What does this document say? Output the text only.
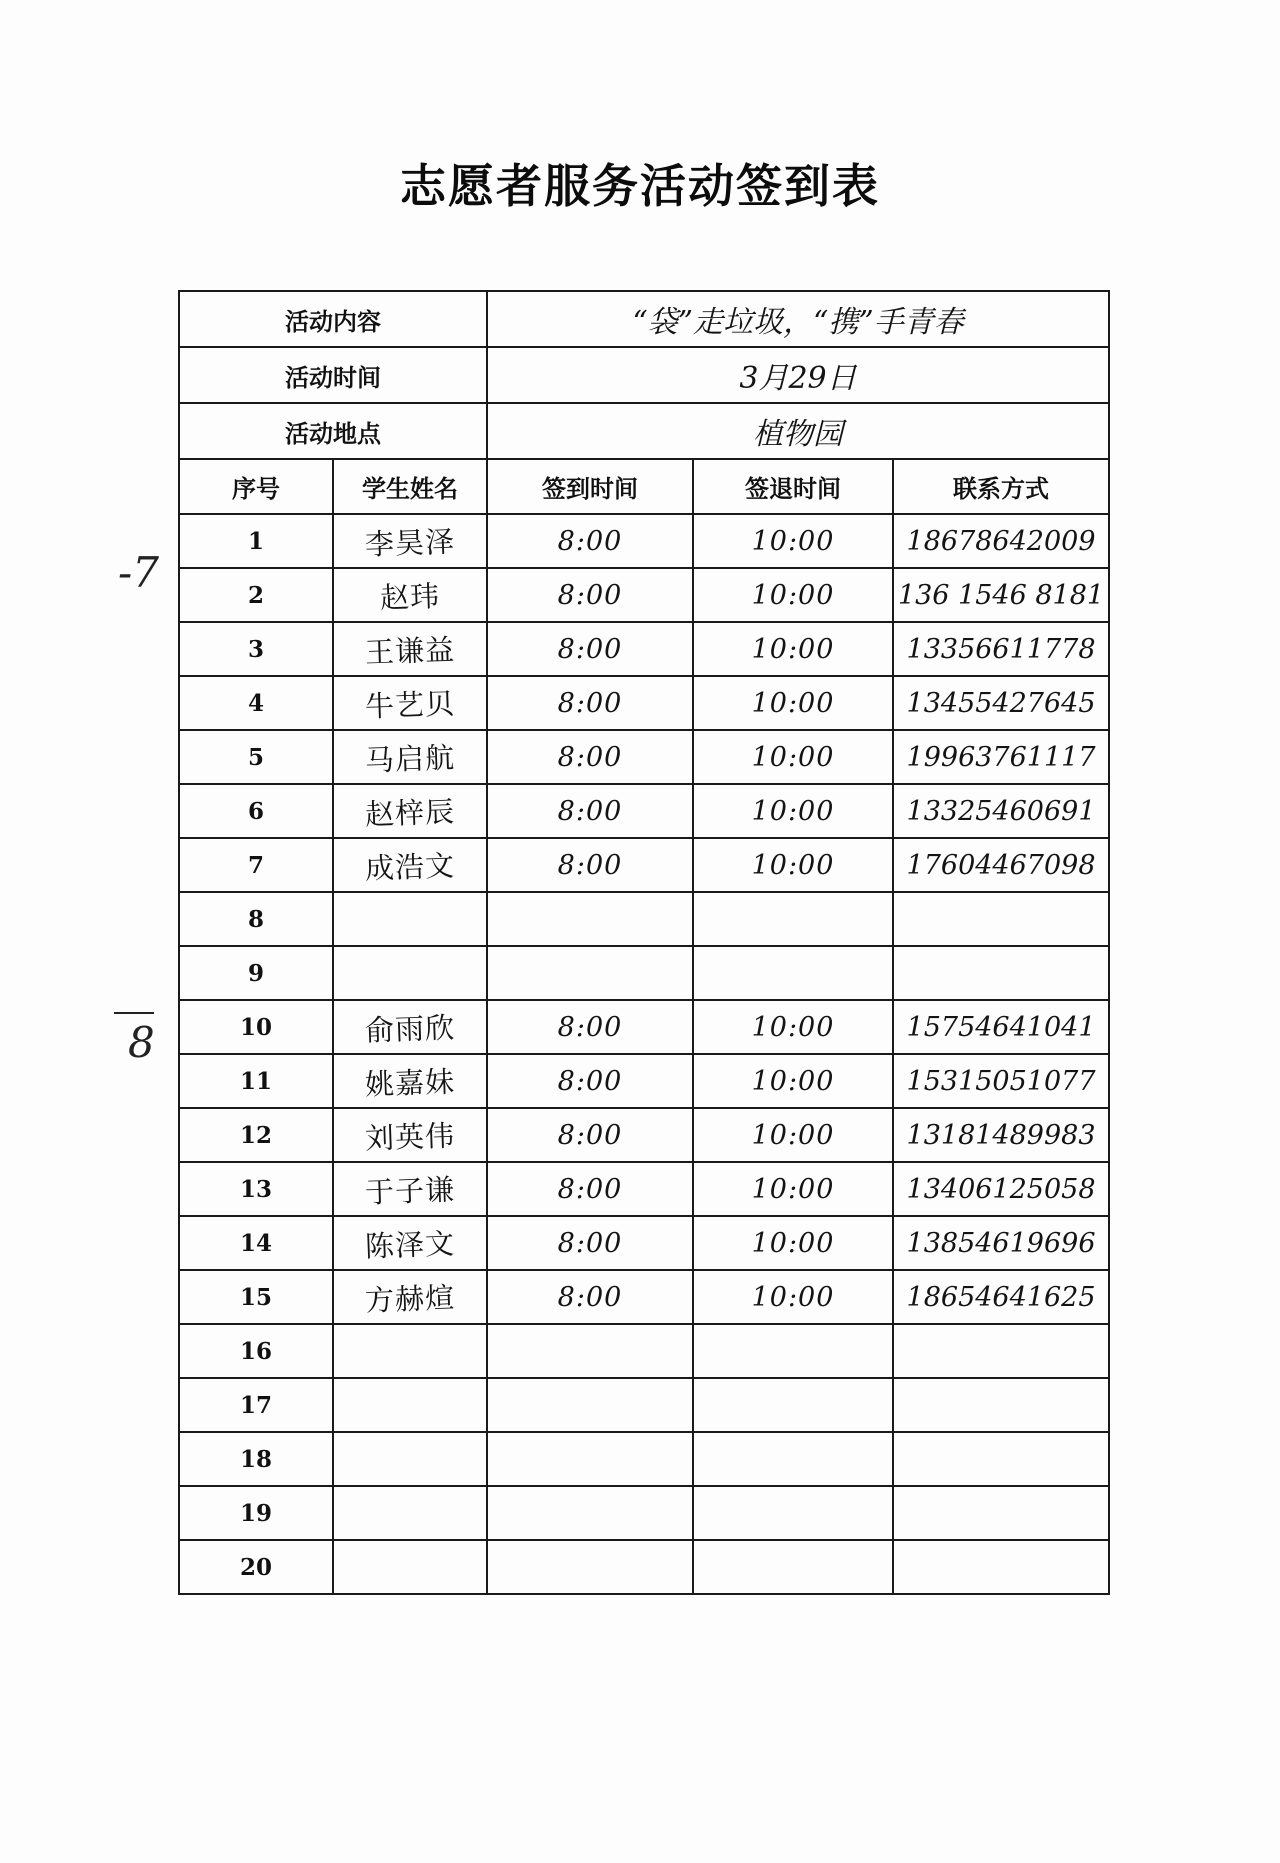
志愿者服务活动签到表
-7
8
活动内容		“袋”走垃圾，“携”手青春		
活动时间		3月29日		
活动地点		植物园		
序号	学生姓名	签到时间	签退时间	联系方式
1	李昊泽	8:00	10:00	18678642009
2	赵玮	8:00	10:00	136 1546 8181
3	王谦益	8:00	10:00	13356611778
4	牛艺贝	8:00	10:00	13455427645
5	马启航	8:00	10:00	19963761117
6	赵梓辰	8:00	10:00	13325460691
7	成浩文	8:00	10:00	17604467098
8				
9				
10	俞雨欣	8:00	10:00	15754641041
11	姚嘉妹	8:00	10:00	15315051077
12	刘英伟	8:00	10:00	13181489983
13	于子谦	8:00	10:00	13406125058
14	陈泽文	8:00	10:00	13854619696
15	方赫煊	8:00	10:00	18654641625
16				
17				
18				
19				
20				
